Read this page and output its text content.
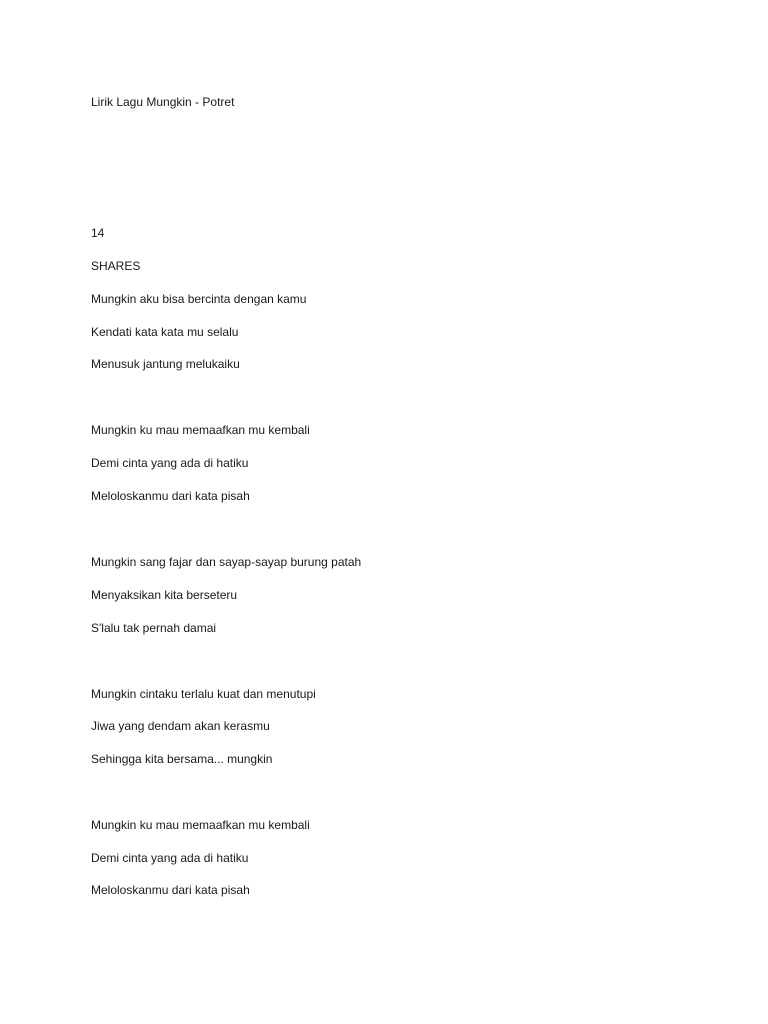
Lirik Lagu Mungkin - Potret
14
SHARES
Mungkin aku bisa bercinta dengan kamu
Kendati kata kata mu selalu
Menusuk jantung melukaiku
Mungkin ku mau memaafkan mu kembali
Demi cinta yang ada di hatiku
Meloloskanmu dari kata pisah
Mungkin sang fajar dan sayap-sayap burung patah
Menyaksikan kita berseteru
S'lalu tak pernah damai
Mungkin cintaku terlalu kuat dan menutupi
Jiwa yang dendam akan kerasmu
Sehingga kita bersama... mungkin
Mungkin ku mau memaafkan mu kembali
Demi cinta yang ada di hatiku
Meloloskanmu dari kata pisah
